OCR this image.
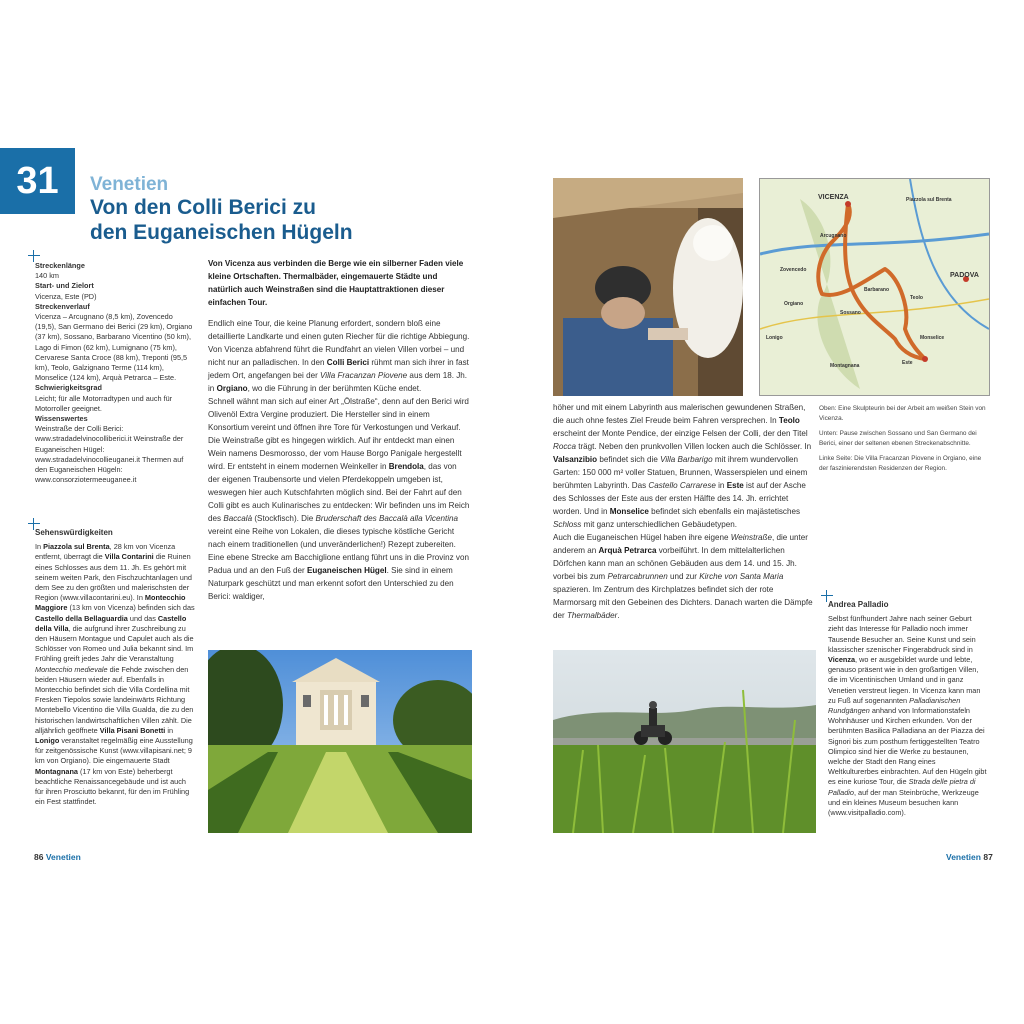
31	Venetien
Von den Colli Berici zu
den Euganeischen Hügeln
Streckenlänge
140 km
Start- und Zielort
Vicenza, Este (PD)
Streckenverlauf
Vicenza – Arcugnano (8,5 km), Zovencedo (19,5), San Germano dei Berici (29 km), Orgiano (37 km), Sossano, Barbarano Vicentino (50 km), Lago di Fimon (62 km), Lumignano (75 km), Cervarese Santa Croce (88 km), Treponti (95,5 km), Teolo, Galzignano Terme (114 km), Monselice (124 km), Arquà Petrarca – Este.
Schwierigkeitsgrad
Leicht; für alle Motorradtypen und auch für Motorroller geeignet.
Wissenswertes
Weinstraße der Colli Berici: www.stradadelvinocolliberici.it Weinstraße der Euganeischen Hügel: www.stradadelvinocollieuganei.it Thermen auf den Euganeischen Hügeln: www.consorziotermeeuganee.it
Sehenswürdigkeiten
In Piazzola sul Brenta, 28 km von Vicenza entfernt, überragt die Villa Contarini die Ruinen eines Schlosses aus dem 11. Jh. Es gehört mit seinem weiten Park, den Fischzuchtanlagen und dem See zu den größten und malerischsten der Region (www.villacontarini.eu). In Montecchio Maggiore (13 km von Vicenza) befinden sich das Castello della Bellaguardia und das Castello della Villa, die aufgrund ihrer Zuschreibung zu den Häusern Montague und Capulet auch als die Schlösser von Romeo und Julia bekannt sind. Im Frühling greift jedes Jahr die Veranstaltung Montecchio medievale die Fehde zwischen den beiden Häusern wieder auf. Ebenfalls in Montecchio befindet sich die Villa Cordellina mit Fresken Tiepolos sowie landeinwärts Richtung Montebello Vicentino die Villa Gualda, die zu den historischen landwirtschaftlichen Villen zählt. Die alljährlich geöffnete Villa Pisani Bonetti in Lonigo veranstaltet regelmäßig eine Ausstellung für zeitgenössische Kunst (www.villapisani.net; 9 km von Orgiano). Die eingemauerte Stadt Montagnana (17 km von Este) beherbergt beachtliche Renaissancegebäude und ist auch für ihren Prosciutto bekannt, für den im Frühling ein Fest stattfindet.
Von Vicenza aus verbinden die Berge wie ein silberner Faden viele kleine Ortschaften. Thermalbäder, eingemauerte Städte und natürlich auch Weinstraßen sind die Hauptattraktionen dieser einfachen Tour.
Endlich eine Tour, die keine Planung erfordert, sondern bloß eine detaillierte Landkarte und einen guten Riecher für die richtige Abbiegung. Von Vicenza abfahrend führt die Rundfahrt an vielen Villen vorbei – und nicht nur an palladischen. In den Colli Berici rühmt man sich ihrer in fast jedem Ort, angefangen bei der Villa Fracanzan Piovene aus dem 18. Jh. in Orgiano, wo die Führung in der berühmten Küche endet.
Schnell wähnt man sich auf einer Art „Ölstraße“, denn auf den Berici wird Olivenöl Extra Vergine produziert. Die Hersteller sind in einem Konsortium vereint und öffnen ihre Tore für Verkostungen und Verkauf. Die Weinstraße gibt es hingegen wirklich. Auf ihr entdeckt man einen Wein namens Desmorosso, der vom Hause Borgo Panigale hergestellt wird. Er entsteht in einem modernen Weinkeller in Brendola, das von der eigenen Traubensorte und vielen Pferdekoppeln umgeben ist, weswegen hier auch Kutschfahrten möglich sind. Bei der Fahrt auf den Colli gibt es auch Kulinarisches zu entdecken: Wir befinden uns im Reich des Baccalà (Stockfisch). Die Bruderschaft des Baccalà alla Vicentina vereint eine Reihe von Lokalen, die dieses typische köstliche Gericht nach einem traditionellen (und unveränderlichen!) Rezept zubereiten. Eine ebene Strecke am Bacchiglione entlang führt uns in die Provinz von Padua und an den Fuß der Euganeischen Hügel. Sie sind in einem Naturpark geschützt und man erkennt sofort den Unterschied zu den Berici: waldiger,
86 Venetien
VICENZA
PADOVA
Montagnana	Este
Orgiano
Teolo
Monselice
Arcugnano
Barbarano
Sossano
Piazzola sul Brenta
Zovencedo
Lonigo
höher und mit einem Labyrinth aus malerischen gewundenen Straßen, die auch ohne festes Ziel Freude beim Fahren versprechen. In Teolo erscheint der Monte Pendice, der einzige Felsen der Colli, der den Titel Rocca trägt. Neben den prunkvollen Villen locken auch die Schlösser. In Valsanzibio befindet sich die Villa Barbarigo mit ihrem wundervollen Garten: 150 000 m² voller Statuen, Brunnen, Wasserspielen und einem berühmten Labyrinth. Das Castello Carrarese in Este ist auf der Asche des Schlosses der Este aus der ersten Hälfte des 14. Jh. errichtet worden. Und in Monselice befindet sich ebenfalls ein majästetisches Schloss mit ganz unterschiedlichen Gebäudetypen.
Auch die Euganeischen Hügel haben ihre eigene Weinstraße, die unter anderem an Arquà Petrarca vorbeiführt. In dem mittelalterlichen Dörfchen kann man an schönen Gebäuden aus dem 14. und 15. Jh. vorbei bis zum Petrarcabrunnen und zur Kirche von Santa Maria spazieren. Im Zentrum des Kirchplatzes befindet sich der rote Marmorsarg mit den Gebeinen des Dichters. Danach warten die Dämpfe der Thermalbäder.

Oben: Eine Skulpteurin bei der Arbeit am weißen Stein von Vicenza.

Unten: Pause zwischen Sossano und San Germano dei Berici, einer der seltenen ebenen Streckenabschnitte.

Linke Seite: Die Villa Fracanzan Piovene in Orgiano, eine der faszinierendsten Residenzen der Region.

Andrea Palladio
Selbst fünfhundert Jahre nach seiner Geburt zieht das Interesse für Palladio noch immer Tausende Besucher an. Seine Kunst und sein klassischer szenischer Fingerabdruck sind in Vicenza, wo er ausgebildet wurde und lebte, genauso präsent wie in den großartigen Villen, die im Vicentinischen Umland und in ganz Venetien verstreut liegen. In Vicenza kann man zu Fuß auf sogenannten Palladianischen Rundgängen anhand von Informationstafeln Wohnhäuser und Kirchen erkunden. Von der berühmten Basilica Palladiana an der Piazza dei Signori bis zum posthum fertiggestellten Teatro Olimpico sind hier die Werke zu bestaunen, welche der Stadt den Rang eines Weltkulturerbes einbrachten. Auf den Hügeln gibt es eine kuriose Tour, die Strada delle pietra di Palladio, auf der man Steinbrüche, Werkzeuge und ein kleines Museum besuchen kann (www.visitpalladio.com).
Venetien 87
